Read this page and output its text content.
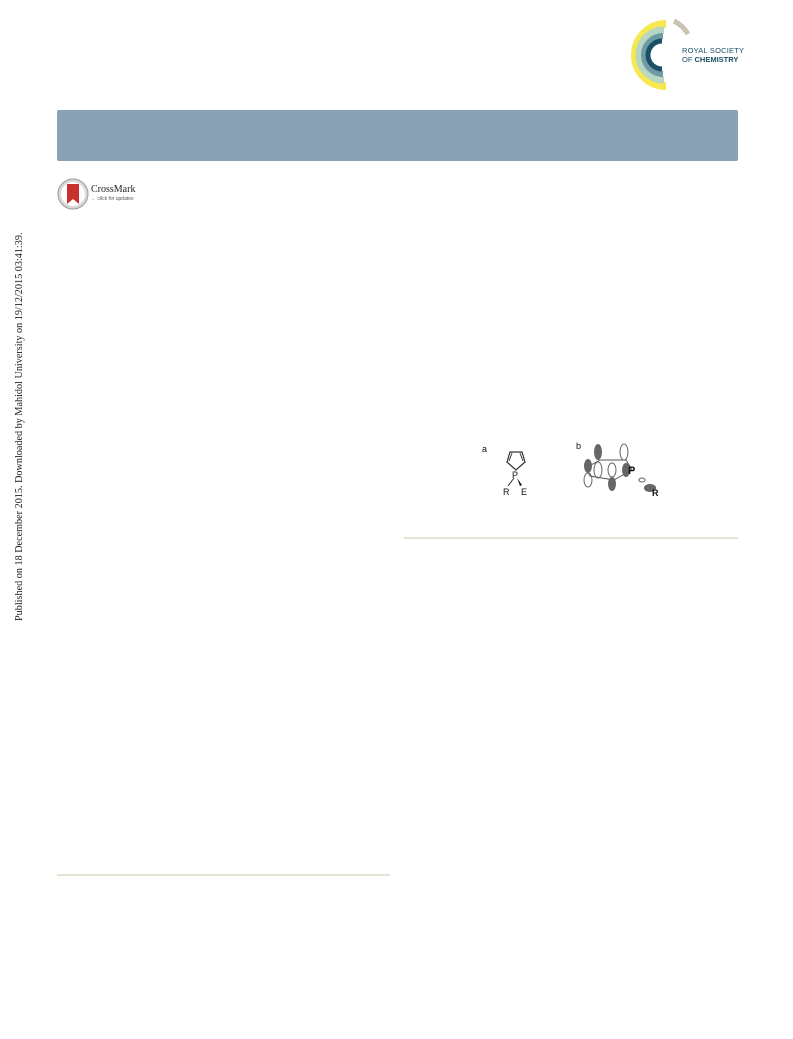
ROYAL SOCIETY
OF CHEMISTRY
CrossMark
← click for updates
Published on 18 December 2015. Downloaded by Mahidol University on 19/12/2015 03:41:39.	a
P
R E
b
P
R
